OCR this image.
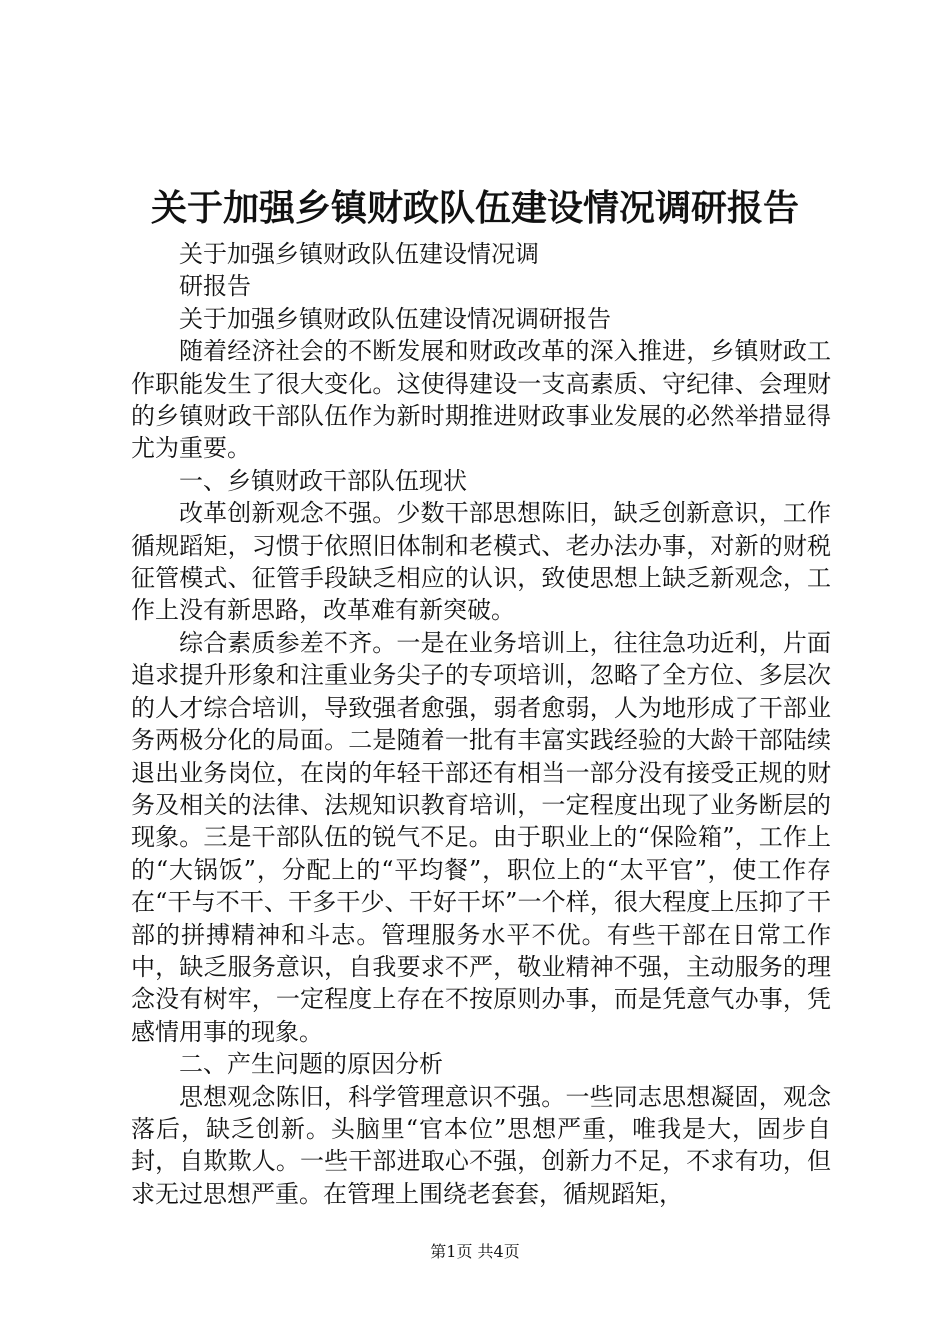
关于加强乡镇财政队伍建设情况调研报告

关于加强乡镇财政队伍建设情况调

研报告

关于加强乡镇财政队伍建设情况调研报告

随着经济社会的不断发展和财政改革的深入推进，乡镇财政工作职能发生了很大变化。这使得建设一支高素质、守纪律、会理财的乡镇财政干部队伍作为新时期推进财政事业发展的必然举措显得尤为重要。

一、乡镇财政干部队伍现状

改革创新观念不强。少数干部思想陈旧，缺乏创新意识，工作循规蹈矩，习惯于依照旧体制和老模式、老办法办事，对新的财税征管模式、征管手段缺乏相应的认识，致使思想上缺乏新观念，工作上没有新思路，改革难有新突破。

综合素质参差不齐。一是在业务培训上，往往急功近利，片面追求提升形象和注重业务尖子的专项培训，忽略了全方位、多层次的人才综合培训，导致强者愈强，弱者愈弱，人为地形成了干部业务两极分化的局面。二是随着一批有丰富实践经验的大龄干部陆续退出业务岗位，在岗的年轻干部还有相当一部分没有接受正规的财务及相关的法律、法规知识教育培训，一定程度出现了业务断层的现象。三是干部队伍的锐气不足。由于职业上的“保险箱”，工作上的“大锅饭”，分配上的“平均餐”，职位上的“太平官”，使工作存在“干与不干、干多干少、干好干坏”一个样，很大程度上压抑了干部的拼搏精神和斗志。管理服务水平不优。有些干部在日常工作中，缺乏服务意识，自我要求不严，敬业精神不强，主动服务的理念没有树牢，一定程度上存在不按原则办事，而是凭意气办事，凭感情用事的现象。

二、产生问题的原因分析

思想观念陈旧，科学管理意识不强。一些同志思想凝固，观念落后，缺乏创新。头脑里“官本位”思想严重，唯我是大，固步自封，自欺欺人。一些干部进取心不强，创新力不足，不求有功，但求无过思想严重。在管理上围绕老套套，循规蹈矩，

第1页 共4页
